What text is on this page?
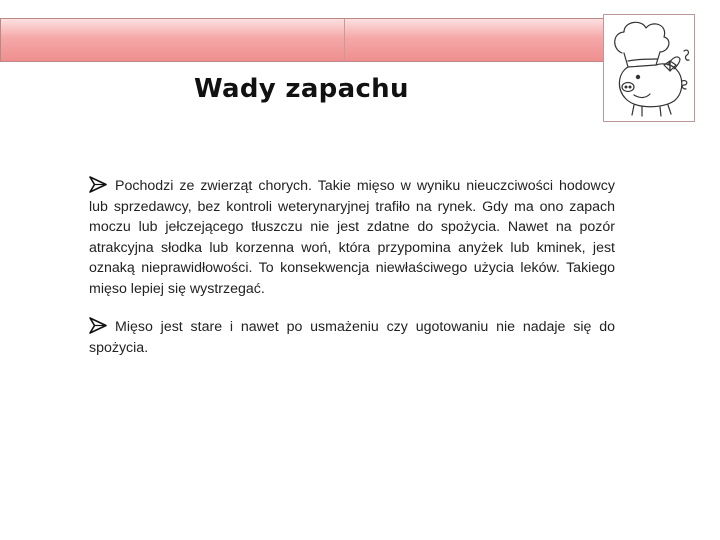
Wady zapachu

Pochodzi ze zwierząt chorych. Takie mięso w wyniku nieuczciwości hodowcy lub sprzedawcy, bez kontroli weterynaryjnej trafiło na rynek. Gdy ma ono zapach moczu lub jełczejącego tłuszczu nie jest zdatne do spożycia. Nawet na pozór atrakcyjna słodka lub korzenna woń, która przypomina anyżek lub kminek, jest oznaką nieprawidłowości. To konsekwencja niewłaściwego użycia leków. Takiego mięso lepiej się wystrzegać.

Mięso jest stare i nawet po usmażeniu czy ugotowaniu nie nadaje się do spożycia.
